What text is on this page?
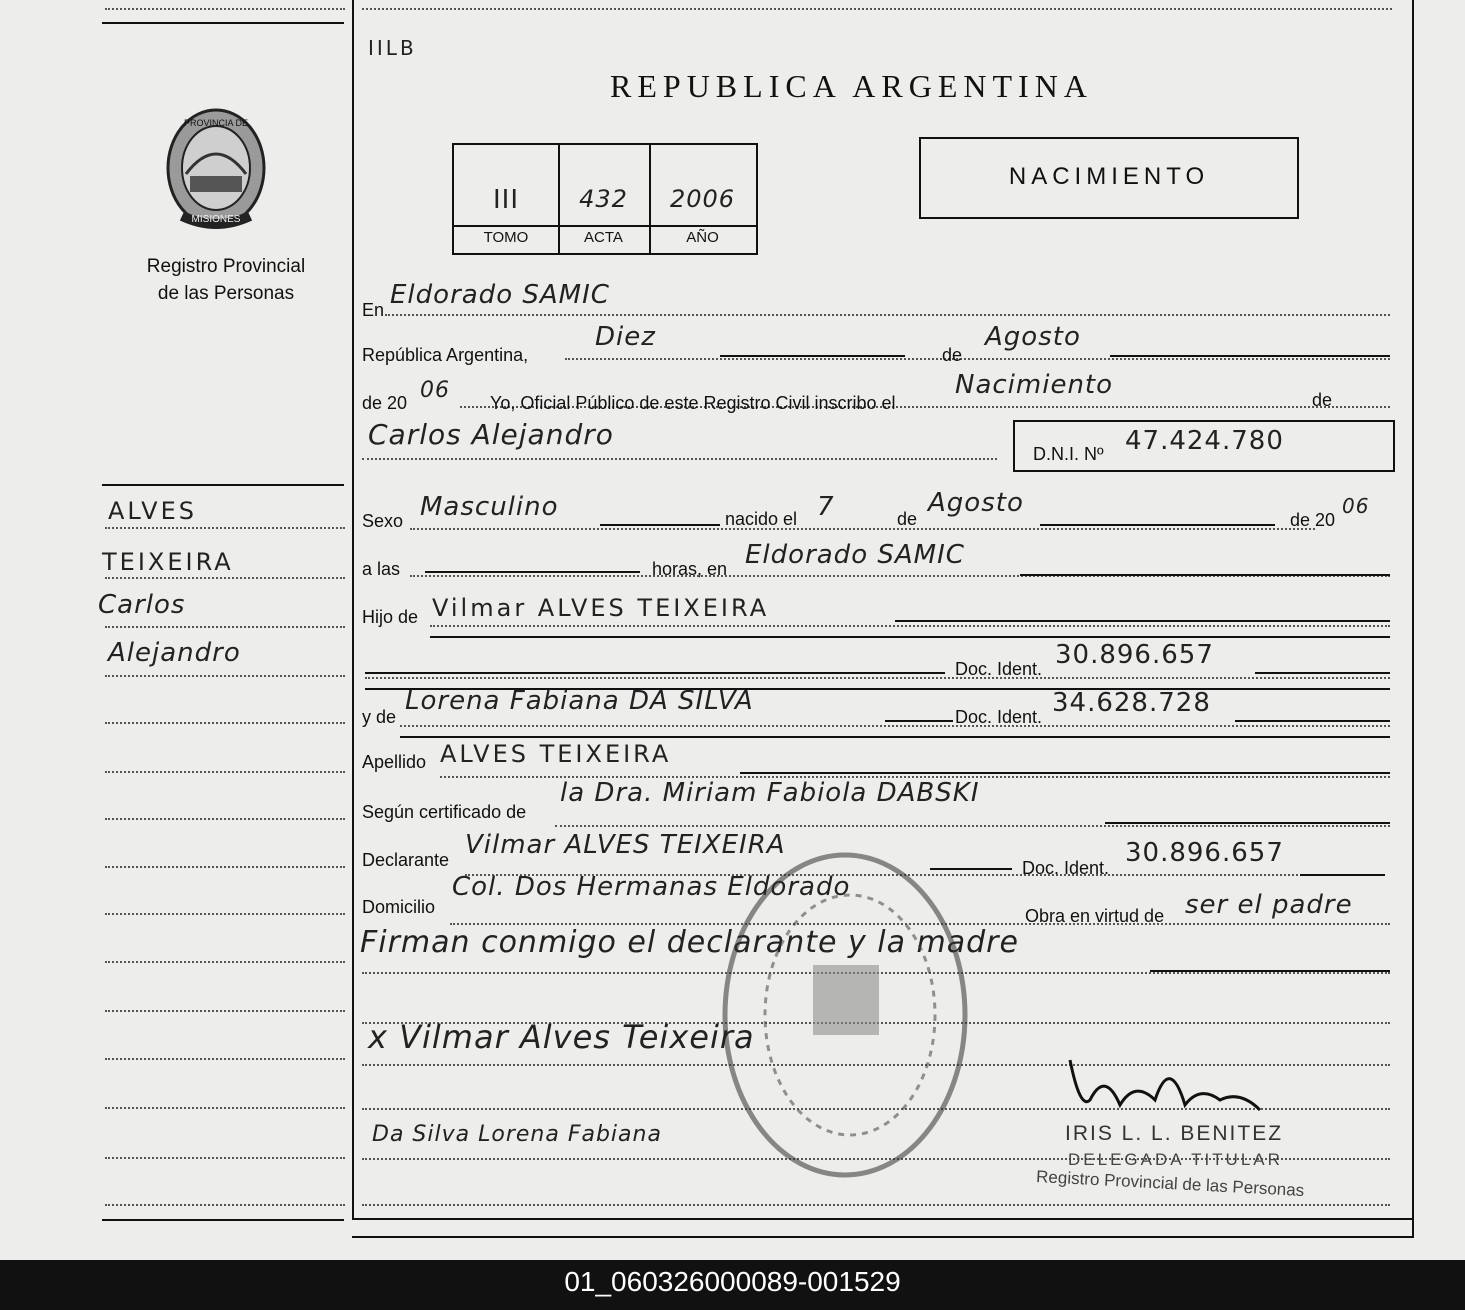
IILB
REPUBLICA ARGENTINA
III	432	2006
TOMO	ACTA	AÑO
NACIMIENTO
PROVINCIA DE
MISIONES
Registro Provincial
de las Personas
ALVES
TEIXEIRA
Carlos
Alejandro
En Eldorado SAMIC
República Argentina,
Diez
de
Agosto
de 20 06 Yo, Oficial Público de este Registro Civil inscribo el
Nacimiento	de
Carlos Alejandro
D.N.I. Nº 47.424.780
Sexo Masculino	nacido el 7	de
Agosto
de 20
06
a las	horas, en Eldorado SAMIC
Hijo de Vilmar ALVES TEIXEIRA
Doc. Ident. 30.896.657
y de
Lorena Fabiana DA SILVA
Doc. Ident. 34.628.728
Apellido ALVES TEIXEIRA
Según certificado de
la Dra. Miriam Fabiola DABSKI
Declarante Vilmar ALVES TEIXEIRA
Doc. Ident. 30.896.657
Domicilio
Col. Dos Hermanas Eldorado
Obra en virtud de ser el padre
Firman conmigo el declarante y la madre
x Vilmar Alves Teixeira
Da Silva Lorena Fabiana	IRIS L. L. BENITEZ
DELEGADA TITULAR
Registro Provincial de las Personas
01_060326000089-001529
